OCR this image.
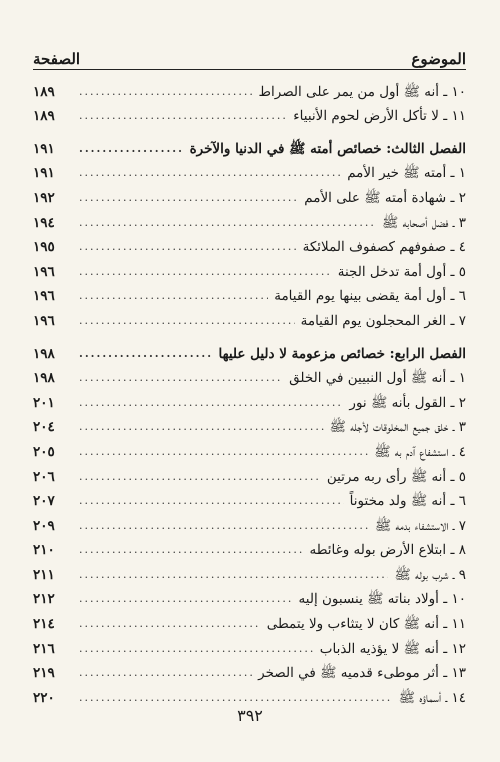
الموضوع
الصفحة
١٠ ـ أنه ﷺ أول من يمر على الصراط
.....
١٨٩
١١ ـ لا تأكل الأرض لحوم الأنبياء
.....
١٨٩
الفصل الثالث: خصائص أمته ﷺ في الدنيا والآخرة
.....
١٩١
١ ـ أمته ﷺ خير الأمم
.....
١٩١
٢ ـ شهادة أمته ﷺ على الأمم
.....
١٩٢
٣ ـ فضل أصحابه ﷺ
.....
١٩٤
٤ ـ صفوفهم كصفوف الملائكة
.....
١٩٥
٥ ـ أول أمة تدخل الجنة
.....
١٩٦
٦ ـ أول أمة يقضى بينها يوم القيامة
.....
١٩٦
٧ ـ الغر المحجلون يوم القيامة
.....
١٩٦
الفصل الرابع: خصائص مزعومة لا دليل عليها
.....
١٩٨
١ ـ أنه ﷺ أول النبيين في الخلق
.....
١٩٨
٢ ـ القول بأنه ﷺ نور
.....
٢٠١
٣ ـ خلق جميع المخلوقات لأجله ﷺ
.....
٢٠٤
٤ ـ استشفاع آدم به ﷺ
.....
٢٠٥
٥ ـ أنه ﷺ رأى ربه مرتين
.....
٢٠٦
٦ ـ أنه ﷺ ولد مختوناً
.....
٢٠٧
٧ ـ الاستشفاء بدمه ﷺ
.....
٢٠٩
٨ ـ ابتلاع الأرض بوله وغائطه
.....
٢١٠
٩ ـ شرب بوله ﷺ
.....
٢١١
١٠ ـ أولاد بناته ﷺ ينسبون إليه
.....
٢١٢
١١ ـ أنه ﷺ كان لا يتثاءب ولا يتمطى
.....
٢١٤
١٢ ـ أنه ﷺ لا يؤذيه الذباب
.....
٢١٦
١٣ ـ أثر موطىء قدميه ﷺ في الصخر
.....
٢١٩
١٤ ـ أسماؤه ﷺ
.....
٢٢٠
٣٩٢
